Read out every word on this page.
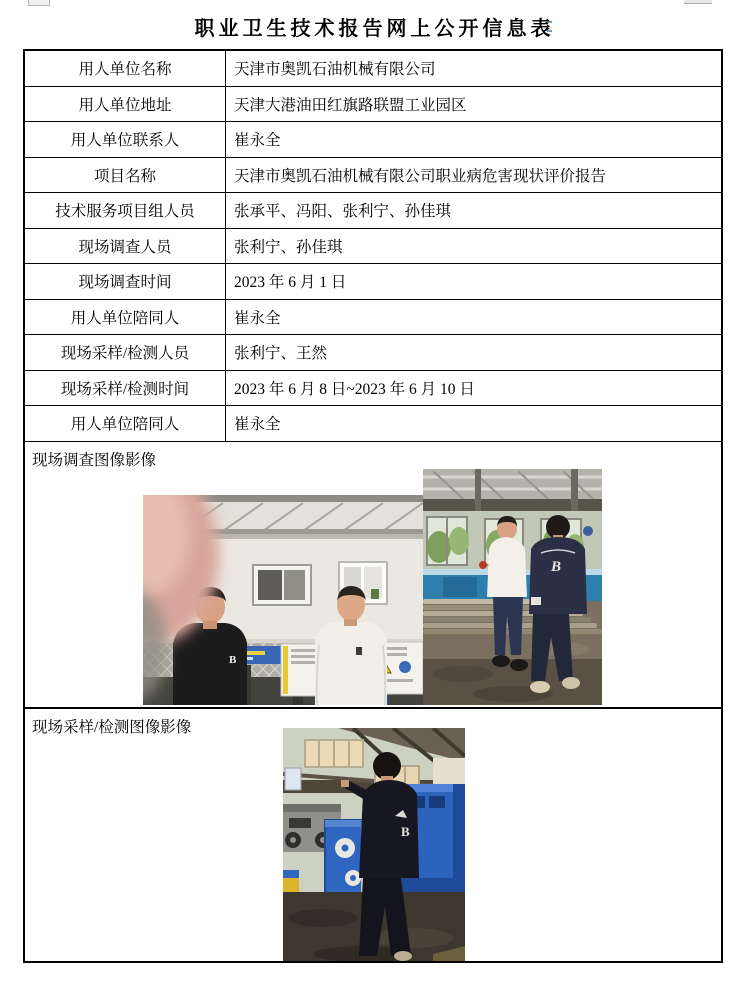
职业卫生技术报告网上公开信息表
用人单位名称	天津市奥凯石油机械有限公司
用人单位地址	天津大港油田红旗路联盟工业园区
用人单位联系人	崔永全
项目名称	天津市奥凯石油机械有限公司职业病危害现状评价报告
技术服务项目组人员	张承平、冯阳、张利宁、孙佳琪
现场调查人员	张利宁、孙佳琪
现场调查时间	2023 年 6 月 1 日
用人单位陪同人	崔永全
现场采样/检测人员	张利宁、王然
现场采样/检测时间	2023 年 6 月 8 日~2023 年 6 月 10 日
用人单位陪同人	崔永全
现场调查图像影像
B
B
现场采样/检测图像影像
B
